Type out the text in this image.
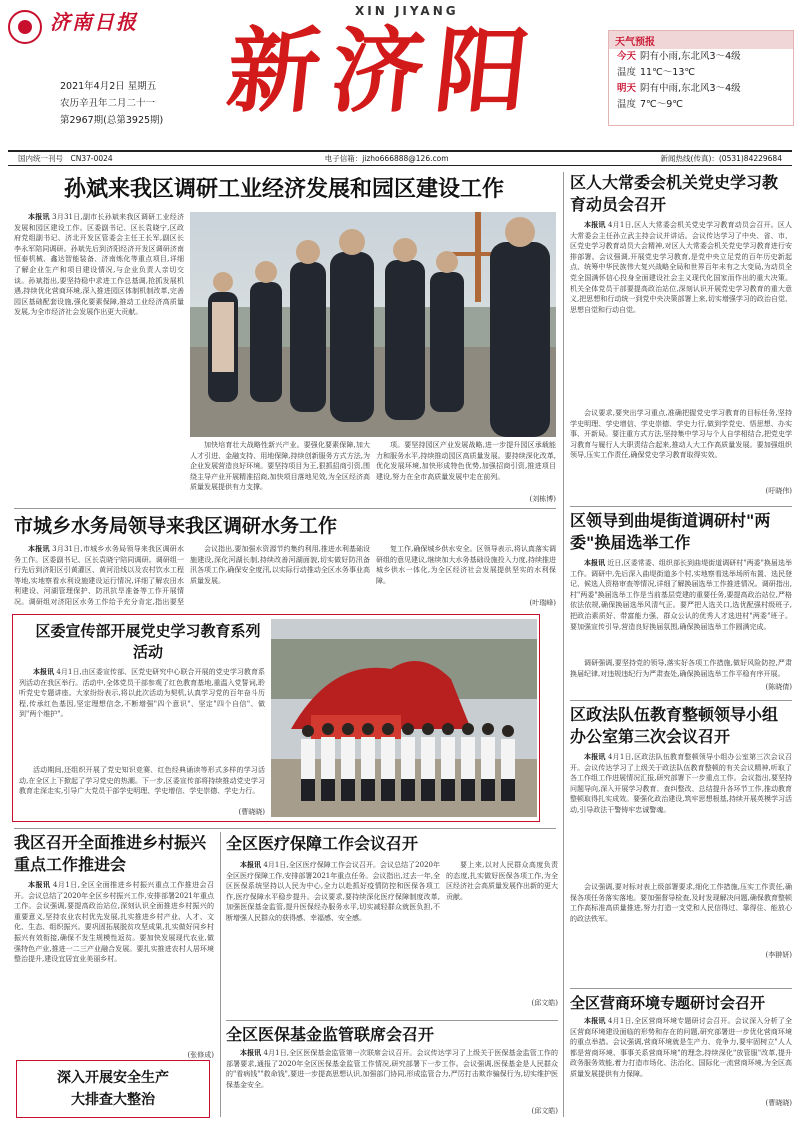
济南日报
2021年4月2日 星期五
农历辛丑年二月二十一
第2967期(总第3925期)
XIN JIYANG
新济阳	天气预报
今天 阴有小雨,东北风3～4级
温度 11℃～13℃
明天 阴有中雨,东北风3～4级
温度 7℃～9℃
国内统一刊号　CN37-0024	电子信箱：jizho666888@126.com	新闻热线(传真)：(0531)84229684
孙斌来我区调研工业经济发展和园区建设工作
本报讯 3月31日,副市长孙斌来我区调研工业经济发展和园区建设工作。区委副书记、区长袁晓宁,区政府党组副书记、济北开发区管委会主任王长军,副区长李永军陪同调研。孙斌先后到济阳经济开发区调研济南恒泰机械、鑫达智能装备、济南炼化等重点项目,详细了解企业生产和项目建设情况,与企业负责人亲切交谈。孙斌指出,要坚持稳中求进工作总基调,抢抓发展机遇,持续优化营商环境,深入推进园区体制机制改革,完善园区基础配套设施,强化要素保障,推动工业经济高质量发展,为全市经济社会发展作出更大贡献。
加快培育壮大战略性新兴产业。要强化要素保障,加大人才引进、金融支持、用地保障,持续创新服务方式方法,为企业发展营造良好环境。要坚持项目为王,狠抓招商引资,围绕主导产业开展精准招商,加快项目落地见效,为全区经济高质量发展提供有力支撑。
项。要坚持园区产业发展战略,进一步提升园区承载能力和服务水平,持续推动园区高质量发展。要持续深化改革,优化发展环境,加快形成特色优势,加强招商引资,推进项目建设,努力在全市高质量发展中走在前列。
(刘栋博)
市城乡水务局领导来我区调研水务工作
本报讯 3月31日,市城乡水务局领导来我区调研水务工作。区委副书记、区长袁晓宁陪同调研。调研组一行先后到济阳区引黄灌区、黄河沿线以及农村饮水工程等地,实地察看水利设施建设运行情况,详细了解农田水利建设、河湖管理保护、防汛抗旱准备等工作开展情况。调研组对济阳区水务工作给予充分肯定,指出要坚
会议指出,要加强水资源节约集约利用,推进水利基础设施建设,深化河湖长制,持续改善河湖面貌,切实做好防汛备汛各项工作,确保安全度汛,以实际行动推动全区水务事业高质量发展。
复工作,确保城乡供水安全。区领导表示,将认真落实调研组的意见建议,继续加大水务基础设施投入力度,持续推进城乡供水一体化,为全区经济社会发展提供坚实的水利保障。
(叶瑞峰)
区委宣传部开展党史学习教育系列活动
本报讯 4月1日,由区委宣传部、区党史研究中心联合开展的党史学习教育系列活动在我区举行。活动中,全体党员干部参观了红色教育基地,重温入党誓词,聆听党史专题讲座。大家纷纷表示,将以此次活动为契机,认真学习党的百年奋斗历程,传承红色基因,坚定理想信念,不断增强"四个意识"、坚定"四个自信"、做到"两个维护"。
活动期间,还组织开展了党史知识竞赛、红色经典诵读等形式多样的学习活动,在全区上下掀起了学习党史的热潮。下一步,区委宣传部将持续推动党史学习教育走深走实,引导广大党员干部学史明理、学史增信、学史崇德、学史力行。
(曹晓晓)
我区召开全面推进乡村振兴重点工作推进会
本报讯 4月1日,全区全面推进乡村振兴重点工作推进会召开。会议总结了2020年全区乡村振兴工作,安排部署2021年重点工作。会议强调,要提高政治站位,深刻认识全面推进乡村振兴的重要意义,坚持农业农村优先发展,扎实推进乡村产业、人才、文化、生态、组织振兴。要巩固拓展脱贫攻坚成果,扎实做好同乡村振兴有效衔接,确保不发生规模性返贫。要加快发展现代农业,做强特色产业,推进一二三产业融合发展。要扎实推进农村人居环境整治提升,建设宜居宜业美丽乡村。
(张修成)
深入开展安全生产
大排查大整治
全区医疗保障工作会议召开
本报讯 4月1日,全区医疗保障工作会议召开。会议总结了2020年全区医疗保障工作,安排部署2021年重点任务。会议指出,过去一年,全区医保系统坚持以人民为中心,全力以赴抓好疫情防控和医保各项工作,医疗保障水平稳步提升。会议要求,要持续深化医疗保障制度改革,加强医保基金监管,提升医保经办服务水平,切实减轻群众就医负担,不断增强人民群众的获得感、幸福感、安全感。
要上来,以对人民群众高度负责的态度,扎实做好医保各项工作,为全区经济社会高质量发展作出新的更大贡献。
(邱文皓)
全区医保基金监管联席会召开
本报讯 4月1日,全区医保基金监管第一次联席会议召开。会议传达学习了上级关于医保基金监管工作的部署要求,通报了2020年全区医保基金监管工作情况,研究部署下一步工作。会议强调,医保基金是人民群众的"看病钱""救命钱",要进一步提高思想认识,加强部门协同,形成监管合力,严厉打击欺诈骗保行为,切实维护医保基金安全。
(邱文皓)
区人大常委会机关党史学习教育动员会召开
本报讯 4月1日,区人大常委会机关党史学习教育动员会召开。区人大常委会主任孙立武主持会议并讲话。会议传达学习了中央、省、市、区党史学习教育动员大会精神,对区人大常委会机关党史学习教育进行安排部署。会议强调,开展党史学习教育,是党中央立足党的百年历史新起点、统筹中华民族伟大复兴战略全局和世界百年未有之大变局,为动员全党全国满怀信心投身全面建设社会主义现代化国家而作出的重大决策。机关全体党员干部要提高政治站位,深刻认识开展党史学习教育的重大意义,把思想和行动统一到党中央决策部署上来,切实增强学习的政治自觉、思想自觉和行动自觉。
会议要求,要突出学习重点,准确把握党史学习教育的目标任务,坚持学史明理、学史增信、学史崇德、学史力行,做到学党史、悟思想、办实事、开新局。要注重方式方法,坚持集中学习与个人自学相结合,把党史学习教育与履行人大职责结合起来,推动人大工作高质量发展。要加强组织领导,压实工作责任,确保党史学习教育取得实效。
(吁晓伟)
区领导到曲堤街道调研村"两委"换届选举工作
本报讯 近日,区委常委、组织部长到曲堤街道调研村"两委"换届选举工作。调研中,先后深入曲堤街道多个村,实地察看选举场所布置、选民登记、候选人资格审查等情况,详细了解换届选举工作推进情况。调研指出,村"两委"换届选举工作是当前基层党建的重要任务,要提高政治站位,严格依法依规,确保换届选举风清气正。要严把人选关口,选优配强村级班子,把政治素质好、带富能力强、群众公认的优秀人才选进村"两委"班子。要加强宣传引导,营造良好换届氛围,确保换届选举工作圆满完成。
调研强调,要坚持党的领导,落实好各项工作措施,做好风险防控,严肃换届纪律,对违规违纪行为严肃查处,确保换届选举工作平稳有序开展。
(陈晓倩)
区政法队伍教育整顿领导小组办公室第三次会议召开
本报讯 4月1日,区政法队伍教育整顿领导小组办公室第三次会议召开。会议传达学习了上级关于政法队伍教育整顿的有关会议精神,听取了各工作组工作进展情况汇报,研究部署下一步重点工作。会议指出,要坚持问题导向,深入开展学习教育、查纠整改、总结提升各环节工作,推动教育整顿取得扎实成效。要强化政治建设,筑牢思想根基,持续开展英模学习活动,引导政法干警铸牢忠诚警魂。
会议强调,要对标对表上级部署要求,细化工作措施,压实工作责任,确保各项任务落实落地。要加强督导检查,及时发现解决问题,确保教育整顿工作高标准高质量推进,努力打造一支党和人民信得过、靠得住、能放心的政法铁军。
(李翀妍)
全区营商环境专题研讨会召开
本报讯 4月1日,全区营商环境专题研讨会召开。会议深入分析了全区营商环境建设面临的形势和存在的问题,研究部署进一步优化营商环境的重点举措。会议强调,营商环境就是生产力、竞争力,要牢固树立"人人都是营商环境、事事关系营商环境"的理念,持续深化"放管服"改革,提升政务服务效能,着力打造市场化、法治化、国际化一流营商环境,为全区高质量发展提供有力保障。
(曹晓晓)
